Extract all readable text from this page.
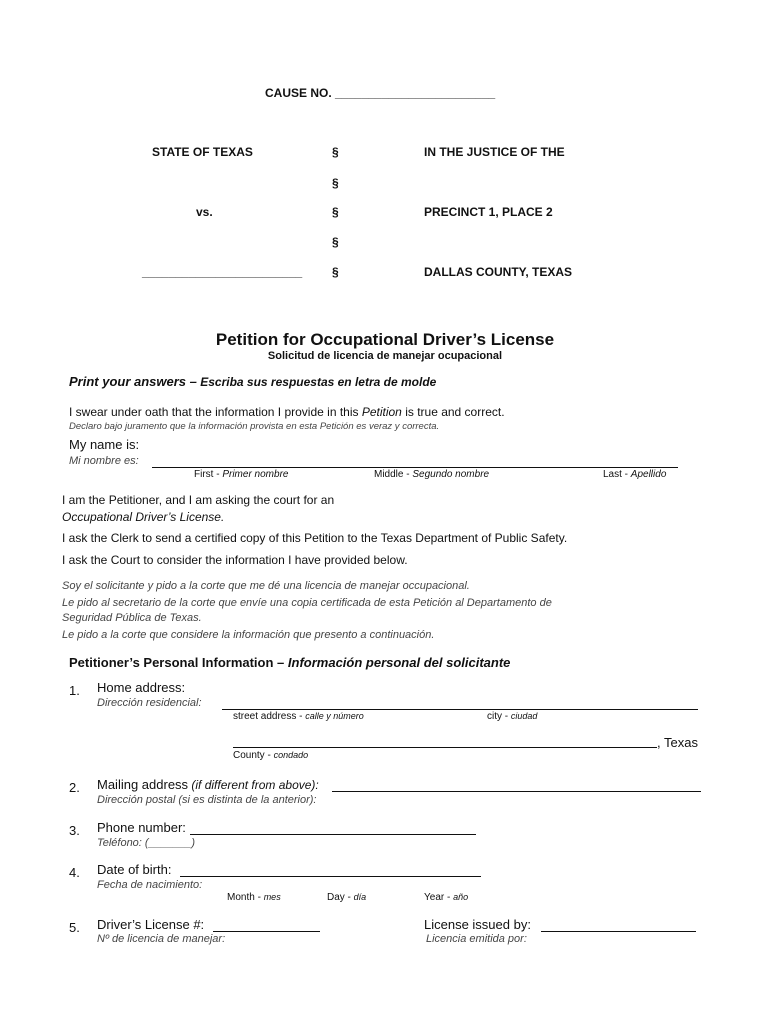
CAUSE NO. ________________________
STATE OF TEXAS	§	IN THE JUSTICE OF THE
§
vs.	§	PRECINCT 1, PLACE 2
§
________________________ §	DALLAS COUNTY, TEXAS
Petition for Occupational Driver’s License
Solicitud de licencia de manejar ocupacional
Print your answers – Escriba sus respuestas en letra de molde
I swear under oath that the information I provide in this Petition is true and correct.
Declaro bajo juramento que la información provista en esta Petición es veraz y correcta.
My name is:
Mi nombre es:
First - Primer nombre	Middle - Segundo nombre	Last - Apellido
I am the Petitioner, and I am asking the court for an
Occupational Driver’s License.
I ask the Clerk to send a certified copy of this Petition to the Texas Department of Public Safety.
I ask the Court to consider the information I have provided below.
Soy el solicitante y pido a la corte que me dé una licencia de manejar occupacional.
Le pido al secretario de la corte que envíe una copia certificada de esta Petición al Departamento de
Seguridad Pública de Texas.
Le pido a la corte que considere la información que presento a continuación.
Petitioner’s Personal Information – Información personal del solicitante
1. Home address:
Dirección residencial:
street address - calle y número	city - ciudad
, Texas
County - condado
2. Mailing address (if different from above):
Dirección postal (si es distinta de la anterior):
3. Phone number:
Teléfono: (_______)
4. Date of birth:
Fecha de nacimiento:
Month - mes	Day - día	Year - año
5. Driver’s License #:
Nº de licencia de manejar:
License issued by:
Licencia emitida por:
